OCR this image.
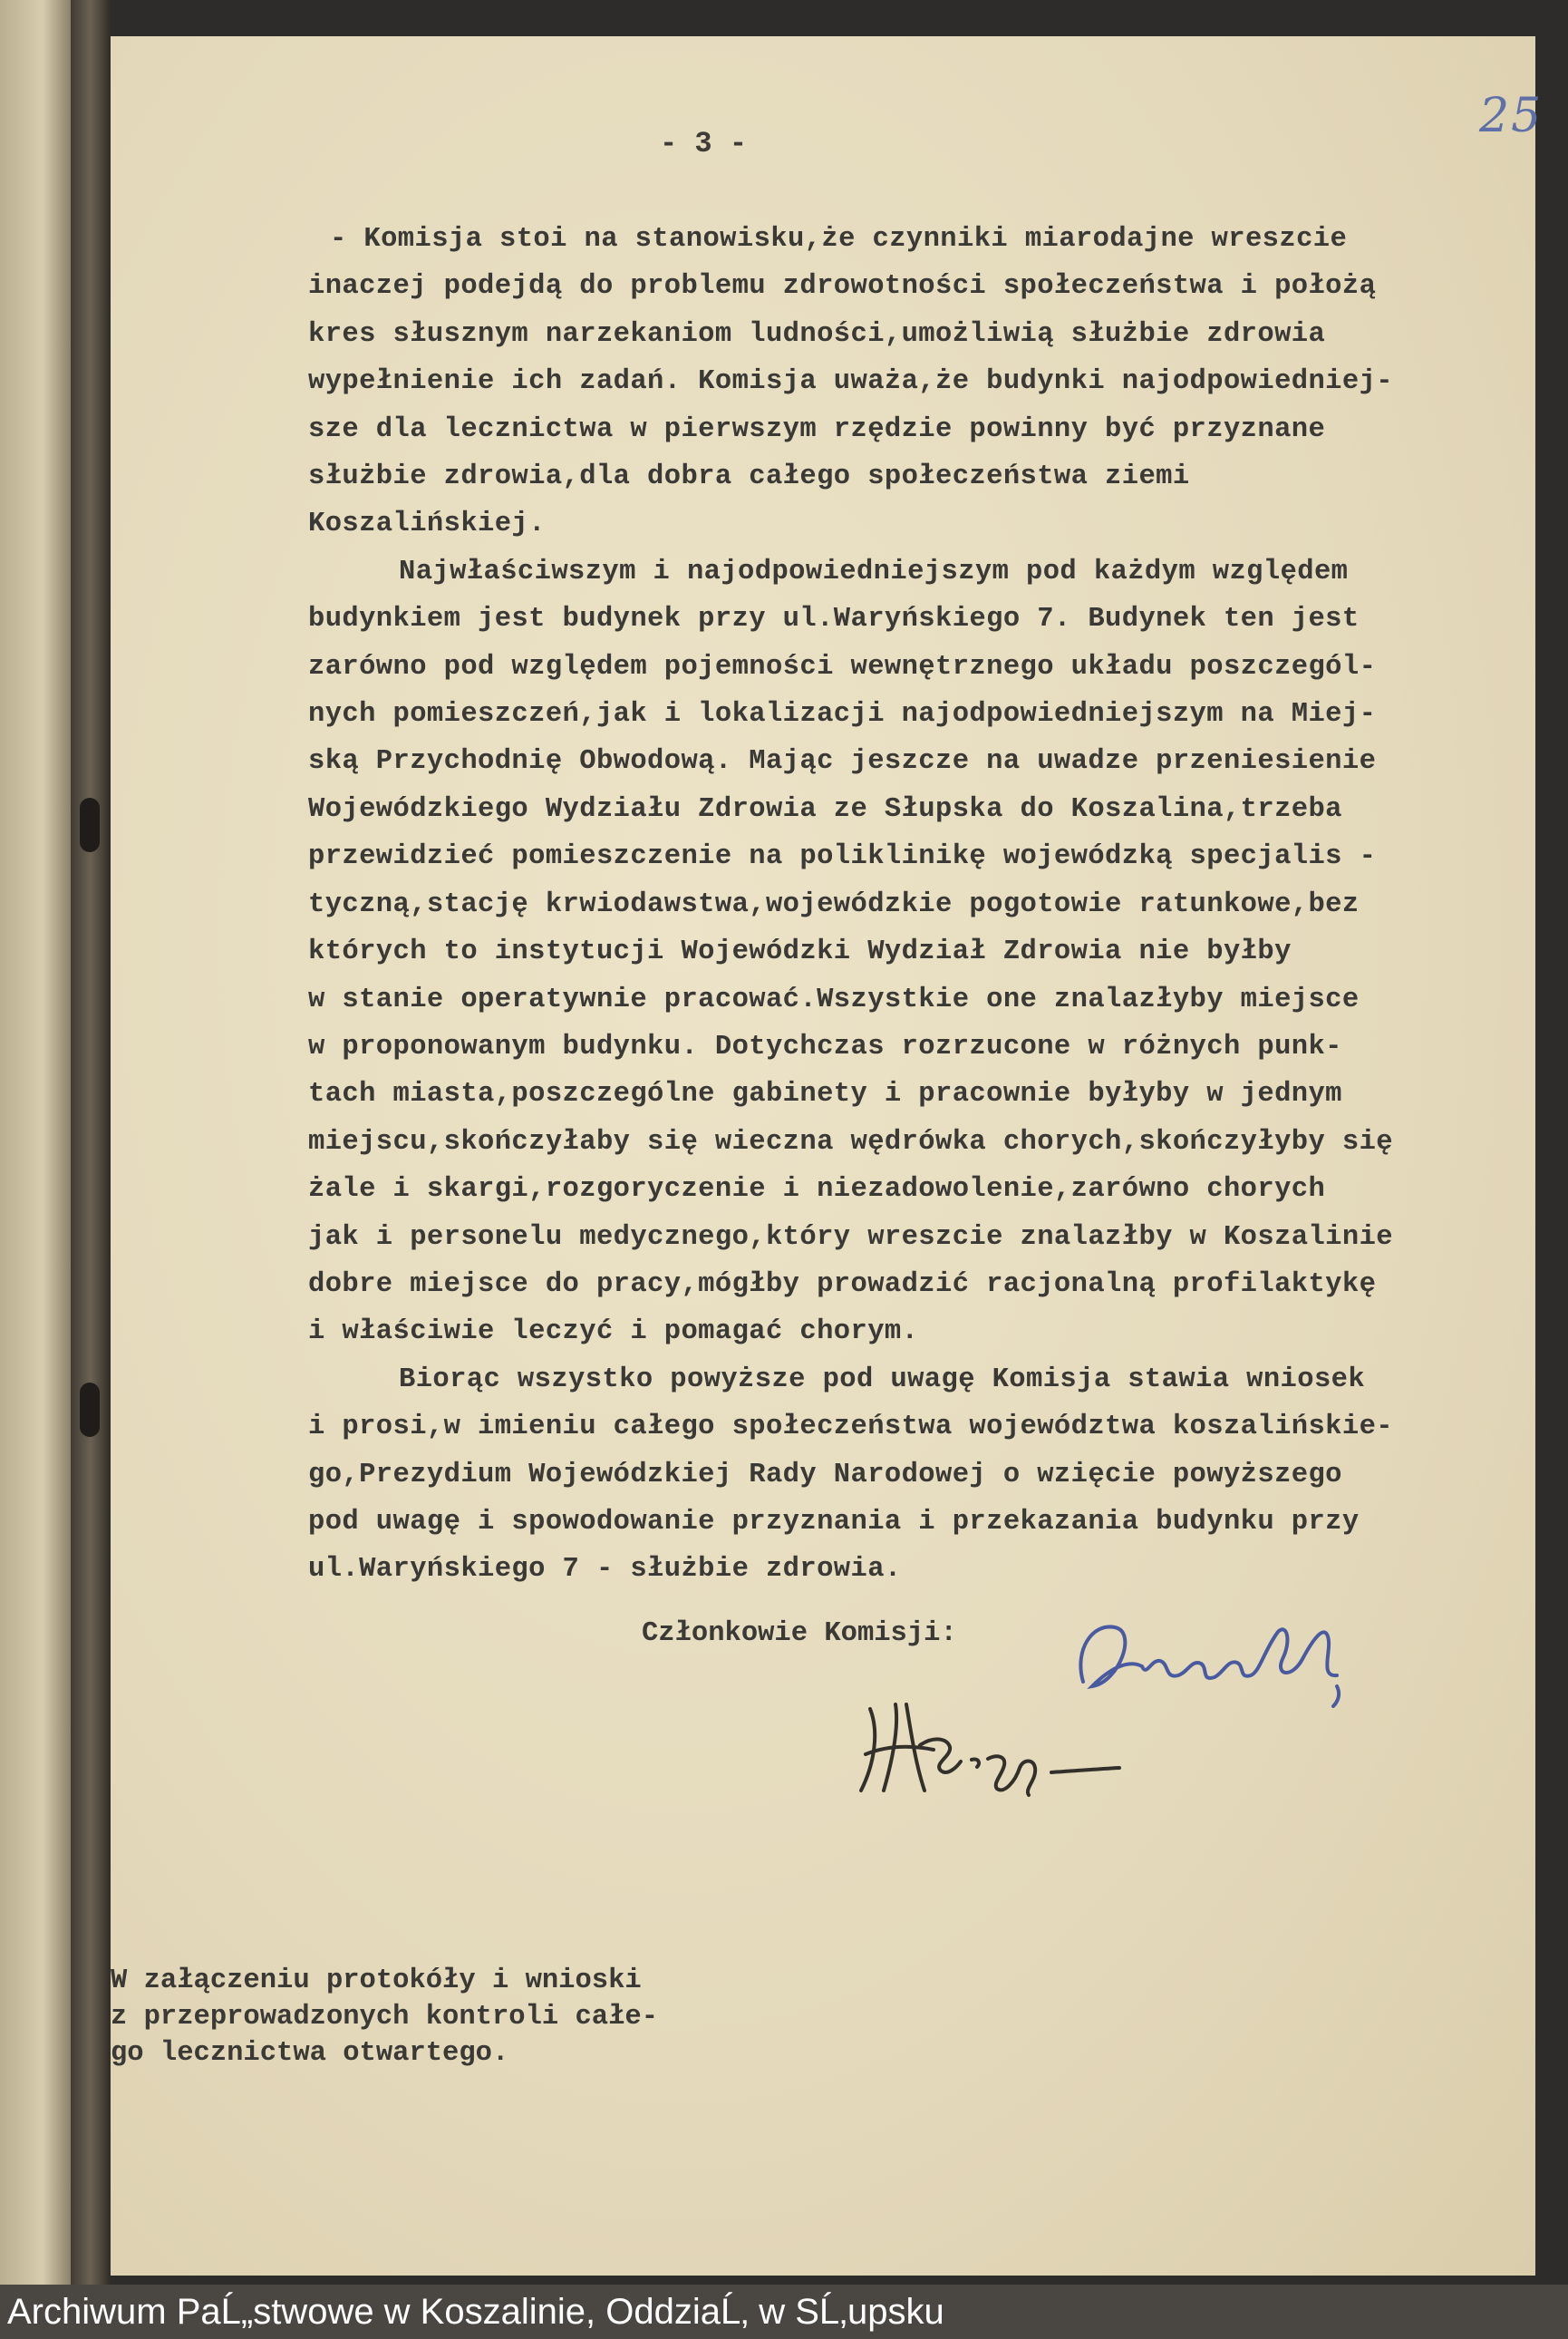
25
- 3 -

- Komisja stoi na stanowisku,że czynniki miarodajne wreszcie
inaczej podejdą do problemu zdrowotności społeczeństwa i położą
kres słusznym narzekaniom ludności,umożliwią służbie zdrowia
wypełnienie ich zadań. Komisja uważa,że budynki najodpowiedniej-
sze dla lecznictwa w pierwszym rzędzie powinny być przyznane
służbie zdrowia,dla dobra całego społeczeństwa ziemi
Koszalińskiej.

Najwłaściwszym i najodpowiedniejszym pod każdym względem
budynkiem jest budynek przy ul.Waryńskiego 7. Budynek ten jest
zarówno pod względem pojemności wewnętrznego układu poszczegól-
nych pomieszczeń,jak i lokalizacji najodpowiedniejszym na Miej-
ską Przychodnię Obwodową. Mając jeszcze na uwadze przeniesienie
Wojewódzkiego Wydziału Zdrowia ze Słupska do Koszalina,trzeba
przewidzieć pomieszczenie na poliklinikę wojewódzką specjalis -
tyczną,stację krwiodawstwa,wojewódzkie pogotowie ratunkowe,bez
których to instytucji Wojewódzki Wydział Zdrowia nie byłby
w stanie operatywnie pracować.Wszystkie one znalazłyby miejsce
w proponowanym budynku. Dotychczas rozrzucone w różnych punk-
tach miasta,poszczególne gabinety i pracownie byłyby w jednym
miejscu,skończyłaby się wieczna wędrówka chorych,skończyłyby się
żale i skargi,rozgoryczenie i niezadowolenie,zarówno chorych
jak i personelu medycznego,który wreszcie znalazłby w Koszalinie
dobre miejsce do pracy,mógłby prowadzić racjonalną profilaktykę
i właściwie leczyć i pomagać chorym.

Biorąc wszystko powyższe pod uwagę Komisja stawia wniosek
i prosi,w imieniu całego społeczeństwa województwa koszalińskie-
go,Prezydium Wojewódzkiej Rady Narodowej o wzięcie powyższego
pod uwagę i spowodowanie przyznania i przekazania budynku przy
ul.Waryńskiego 7 - służbie zdrowia.

Członkowie Komisji:
W załączeniu protokóły i wnioski
z przeprowadzonych kontroli całe-
go lecznictwa otwartego.
Archiwum PaĹ„stwowe w Koszalinie, OddziaĹ‚ w SĹ‚upsku
